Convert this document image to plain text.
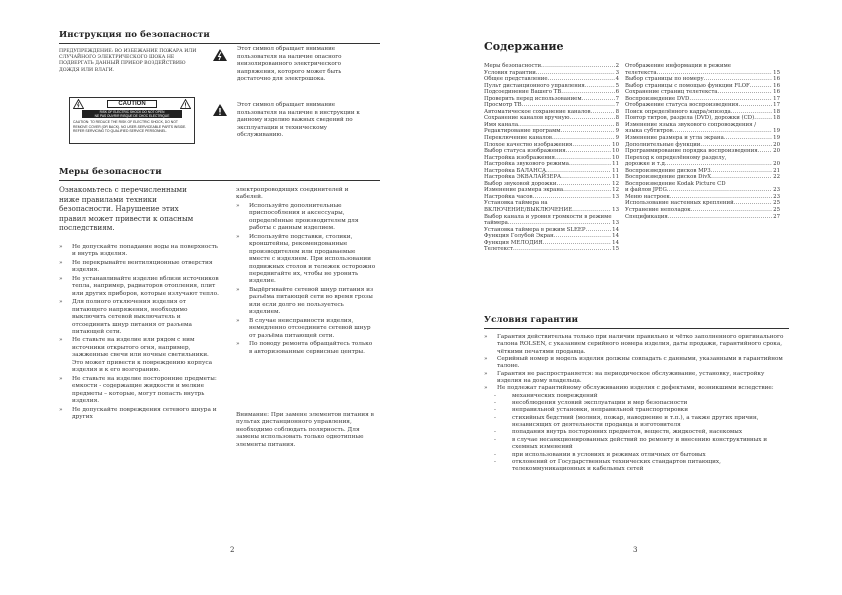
Инструкция по безопасности
ПРЕДУПРЕЖДЕНИЕ: ВО ИЗБЕЖАНИЕ ПОЖАРА ИЛИ СЛУЧАЙНОГО ЭЛЕКТРИЧЕСКОГО ШОКА НЕ ПОДВЕРГАТЬ ДАННЫЙ ПРИБОР ВОЗДЕЙСТВИЮ ДОЖДЯ ИЛИ ВЛАГИ.
CAUTION
RISK OF ELECTRIC SHOCK DO NOT OPEN
NE PAS OUVRIR RISQUE DE CHOC ELECTRIQUE
CAUTION: TO REDUCE THE RISK OF ELECTRIC SHOCK, DO NOT REMOVE COVER (OR BACK). NO USER-SERVICEABLE PARTS INSIDE. REFER SERVICING TO QUALIFIED SERVICE PERSONNEL.
Этот символ обращает внимание пользователя на наличие опасного неизолированного электрического напряжения, которого может быть достаточно для электрошока.
Этот символ обращает внимание пользователя на наличие в инструкции к данному изделию важных сведений по эксплуатации и техническому обслуживанию.
Меры безопасности
Ознакомьтесь с перечисленными ниже правилами техники безопасности. Нарушение этих правил может привести к опасным последствиям.
» Не допускайте попадание воды на поверхность и внутрь изделия.
» Не перекрывайте вентиляционные отверстия изделия.
» Не устанавливайте изделие вблизи источников тепла, например, радиаторов отопления, плит или других приборов, которые излучают тепло.
» Для полного отключения изделия от питающего напряжения, необходимо выключить сетевой выключатель и отсоединить шнур питания от разъема питающей сети.
» Не ставьте на изделие или рядом с ним источники открытого огня, например, зажженные свечи или ночные светильники. Это может привести к повреждению корпуса изделия и к его возгоранию.
» Не ставьте на изделие посторонние предметы: емкости - содержащие жидкости и мелкие предметы – которые, могут попасть внутрь изделия.
» Не допускайте повреждения сетевого шнура и других
электропроводящих соединителей и кабелей.
» Используйте дополнительные приспособления и аксессуары, определённые производителем для работы с данным изделием.
» Используйте подставки, столики, кронштейны, рекомендованные производителем или продаваемые вместе с изделием. При использовании подвижных столов и тележек осторожно передвигайте их, чтобы не уронить изделие.
» Выдёргивайте сетевой шнур питания из разъёма питающей сети во время грозы или если долго не пользуетесь изделием.
» В случае неисправности изделия, немедленно отсоедините сетевой шнур от разъёма питающей сети.
» По поводу ремонта обращайтесь только в авторизованные сервисные центры.
Внимание: При замене элементов питания в пультах дистанционного управления, необходимо соблюдать полярность. Для замены использовать только однотипные элементы питания.
2
Содержание
Меры безопасности .....	2
Условия гарантии .....	3
Общее представление .....	4
Пульт дистанционного управления .....	5
Подсоединение Вашего ТВ .....	6
Проверить перед использованием .....	7
Просмотр ТВ .....	7
Автоматическое сохранение каналов .....	8
Сохранение каналов вручную .....	8
Имя канала .....	8
Редактирование программ .....	9
Переключение каналов .....	9
Плохое качество изображения .....	10
Выбор статуса изображения .....	10
Настройка изображения .....	10
Настройка звукового режима .....	11
Настройка БАЛАНСА .....	11
Настройка ЭКВАЛАЙЗЕРА .....	11
Выбор звуковой дорожки .....	12
Изменение размера экрана .....	12
Настройка часов .....	13
Установка таймера на
ВКЛЮЧЕНИЕ/ВЫКЛЮЧЕНИЕ .....	13
Выбор канала и уровня громкости в режиме
таймера .....	13
Установка таймера в режим SLEEP .....	14
Функция Голубой Экран .....	14
Функция МЕЛОДИЯ .....	14
Телетекст .....	15
Отображение информации в режиме
телетекста .....	15
Выбор страницы по номеру .....	16
Выбор страницы с помощью функции FLOF .....	16
Сохранение страниц телетекста .....	16
Воспроизведение DVD .....	17
Отображение статуса воспроизведения .....	17
Поиск определённого кадра/эпизода .....	18
Повтор титров, раздела (DVD), дорожки (CD) .....	18
Изменение языка звукового сопровождения /
языка субтитров .....	19
Изменение размера и угла экрана .....	19
Дополнительные функции .....	20
Программирование порядка воспроизведения .....	20
Переход к определённому разделу,
дорожке и т.д. .....	20
Воспроизведение дисков MP3 .....	21
Воспроизведение дисков DivX .....	22
Воспроизведение Kodak Picture CD
и файлов JPEG .....	23
Меню настроек .....	23
Использование настенных креплений .....	25
Устранение неполадок .....	25
Спецификация .....	27
Условия гарантии
» Гарантия действительна только при наличии правильно и чётко заполненного оригинального талона ROLSEN, с указанием серийного номера изделия, даты продажи, гарантийного срока, чёткими печатями продавца.
» Серийный номер и модель изделия должны совпадать с данными, указанными в гарантийном талоне.
» Гарантия не распространяется: на периодическое обслуживание, установку, настройку изделия на дому владельца.
» Не подлежат гарантийному обслуживанию изделия с дефектами, возникшими вследствие:
-	механических повреждений
-	несоблюдения условий эксплуатации и мер безопасности
-	неправильной установки, неправильной транспортировки
-	стихийных бедствий (молния, пожар, наводнение и т.п.), а также других причин, независящих от деятельности продавца и изготовителя
-	попадания внутрь посторонних предметов, веществ, жидкостей, насекомых
-	в случае несанкционированных действий по ремонту и внесению конструктивных и схемных изменений
-	при использовании в условиях и режимах отличных от бытовых
-	отклонений от Государственных технических стандартов питающих, телекоммуникационных и кабельных сетей
3
